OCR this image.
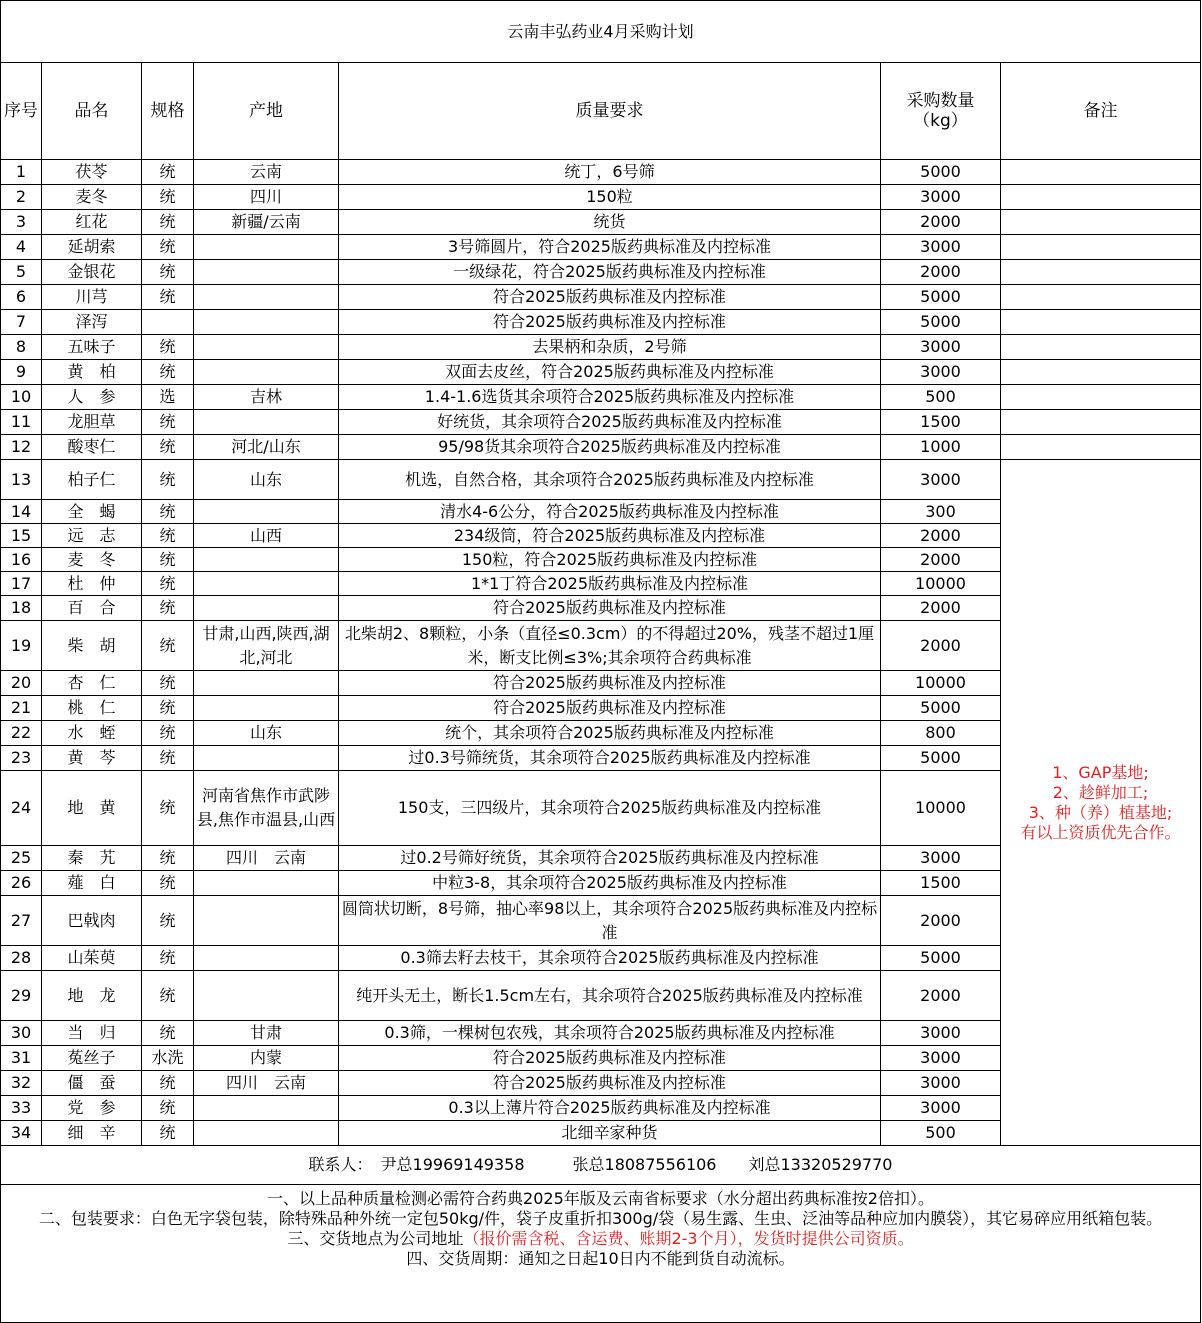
云南丰弘药业4月采购计划						
序号	品名	规格	产地	质量要求	采购数量（kg）	备注
1	茯苓	统	云南	统丁，6号筛	5000	
2	麦冬	统	四川	150粒	3000	
3	红花	统	新疆/云南	统货	2000	
4	延胡索	统		3号筛圆片，符合2025版药典标准及内控标准	3000	
5	金银花	统		一级绿花，符合2025版药典标准及内控标准	2000	
6	川芎	统		符合2025版药典标准及内控标准	5000	
7	泽泻			符合2025版药典标准及内控标准	5000	
8	五味子	统		去果柄和杂质，2号筛	3000	
9	黄　柏	统		双面去皮丝，符合2025版药典标准及内控标准	3000	
10	人　参	选	吉林	1.4-1.6选货其余项符合2025版药典标准及内控标准	500	
11	龙胆草	统		好统货，其余项符合2025版药典标准及内控标准	1500	
12	酸枣仁	统	河北/山东	95/98货其余项符合2025版药典标准及内控标准	1000	
13	柏子仁	统	山东	机选，自然合格，其余项符合2025版药典标准及内控标准	3000	1、GAP基地;
2、趁鲜加工;
3、种（养）植基地;
有以上资质优先合作。

14	全　蝎	统		清水4-6公分，符合2025版药典标准及内控标准	300	
15	远　志	统	山西	234级筒，符合2025版药典标准及内控标准	2000	
16	麦　冬	统		150粒，符合2025版药典标准及内控标准	2000	
17	杜　仲	统		1*1丁符合2025版药典标准及内控标准	10000	
18	百　合	统		符合2025版药典标准及内控标准	2000	
19	柴　胡	统	甘肃,山西,陕西,湖北,河北	北柴胡2、8颗粒，小条（直径≤0.3cm）的不得超过20%，残茎不超过1厘米，断支比例≤3%;其余项符合药典标准	2000	
20	杏　仁	统		符合2025版药典标准及内控标准	10000	
21	桃　仁	统		符合2025版药典标准及内控标准	5000	
22	水　蛭	统	山东	统个，其余项符合2025版药典标准及内控标准	800	
23	黄　芩	统		过0.3号筛统货，其余项符合2025版药典标准及内控标准	5000	
24	地　黄	统	河南省焦作市武陟县,焦作市温县,山西	150支，三四级片，其余项符合2025版药典标准及内控标准	10000	
25	秦　艽	统	四川　云南	过0.2号筛好统货，其余项符合2025版药典标准及内控标准	3000	
26	薤　白	统		中粒3-8，其余项符合2025版药典标准及内控标准	1500	
27	巴戟肉	统		圆筒状切断，8号筛，抽心率98以上，其余项符合2025版药典标准及内控标准	2000	
28	山茱萸	统		0.3筛去籽去枝干，其余项符合2025版药典标准及内控标准	5000	
29	地　龙	统		纯开头无土，断长1.5cm左右，其余项符合2025版药典标准及内控标准	2000	
30	当　归	统	甘肃	0.3筛，一棵树包农残，其余项符合2025版药典标准及内控标准	3000	
31	菟丝子	水洗	内蒙	符合2025版药典标准及内控标准	3000	
32	僵　蚕	统	四川　云南	符合2025版药典标准及内控标准	3000	
33	党　参	统		0.3以上薄片符合2025版药典标准及内控标准	3000	
34	细　辛	统		北细辛家种货	500	
联系人：　尹总19969149358　　　张总18087556106　　刘总13320529770						

一、以上品种质量检测必需符合药典2025年版及云南省标要求（水分超出药典标准按2倍扣）。
二、包装要求：白色无字袋包装，除特殊品种外统一定包50kg/件，袋子皮重折扣300g/袋（易生露、生虫、泛油等品种应加内膜袋），其它易碎应用纸箱包装。
三、交货地点为公司地址（报价需含税、含运费、账期2-3个月），发货时提供公司资质。
四、交货周期：通知之日起10日内不能到货自动流标。						
